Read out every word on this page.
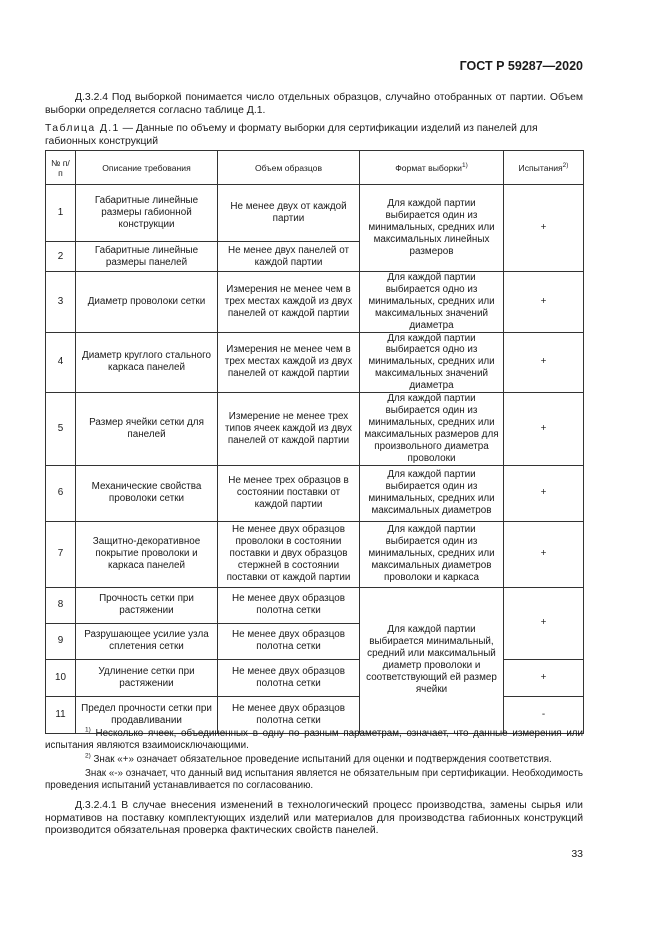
ГОСТ Р 59287—2020
Д.3.2.4 Под выборкой понимается число отдельных образцов, случайно отобранных от партии. Объем выборки определяется согласно таблице Д.1.
Таблица Д.1 — Данные по объему и формату выборки для сертификации изделий из панелей для габионных конструкций
№ п/п	Описание требования	Объем образцов	Формат выборки$^{1)}$	Испытания$^{2)}$
1	Габаритные линейные размеры габионной конструкции	Не менее двух от каждой партии	Для каждой партии выбирается один из минимальных, средних или максимальных линейных размеров	+
2	Габаритные линейные размеры панелей	Не менее двух панелей от каждой партии		
3	Диаметр проволоки сетки	Измерения не менее чем в трех местах каждой из двух панелей от каждой партии	Для каждой партии выбирается одно из минимальных, средних или максимальных значений диаметра	+
4	Диаметр круглого стального каркаса панелей	Измерения не менее чем в трех местах каждой из двух панелей от каждой партии	Для каждой партии выбирается одно из минимальных, средних или максимальных значений диаметра	+
5	Размер ячейки сетки для панелей	Измерение не менее трех типов ячеек каждой из двух панелей от каждой партии	Для каждой партии выбирается один из минимальных, средних или максимальных размеров для произвольного диаметра проволоки	+
6	Механические свойства проволоки сетки	Не менее трех образцов в состоянии поставки от каждой партии	Для каждой партии выбирается один из минимальных, средних или максимальных диаметров	+
7	Защитно-декоративное покрытие проволоки и каркаса панелей	Не менее двух образцов проволоки в состоянии поставки и двух образцов стержней в состоянии поставки от каждой партии	Для каждой партии выбирается один из минимальных, средних или максимальных диаметров проволоки и каркаса	+
8	Прочность сетки при растяжении	Не менее двух образцов полотна сетки	Для каждой партии выбирается минимальный, средний или максимальный диаметр проволоки и соответствующий ей размер ячейки	+
9	Разрушающее усилие узла сплетения сетки	Не менее двух образцов полотна сетки		
10	Удлинение сетки при растяжении	Не менее двух образцов полотна сетки		+
11	Предел прочности сетки при продавливании	Не менее двух образцов полотна сетки		-

$^{1)}$ Несколько ячеек, объединенных в одну по разным параметрам, означает, что данные измерения или испытания являются взаимоисключающими.

$^{2)}$ Знак «+» означает обязательное проведение испытаний для оценки и подтверждения соответствия.

Знак «-» означает, что данный вид испытания является не обязательным при сертификации. Необходимость проведения испытаний устанавливается по согласованию.

Д.3.2.4.1 В случае внесения изменений в технологический процесс производства, замены сырья или нормативов на поставку комплектующих изделий или материалов для производства габионных конструкций производится обязательная проверка фактических свойств панелей.
33
